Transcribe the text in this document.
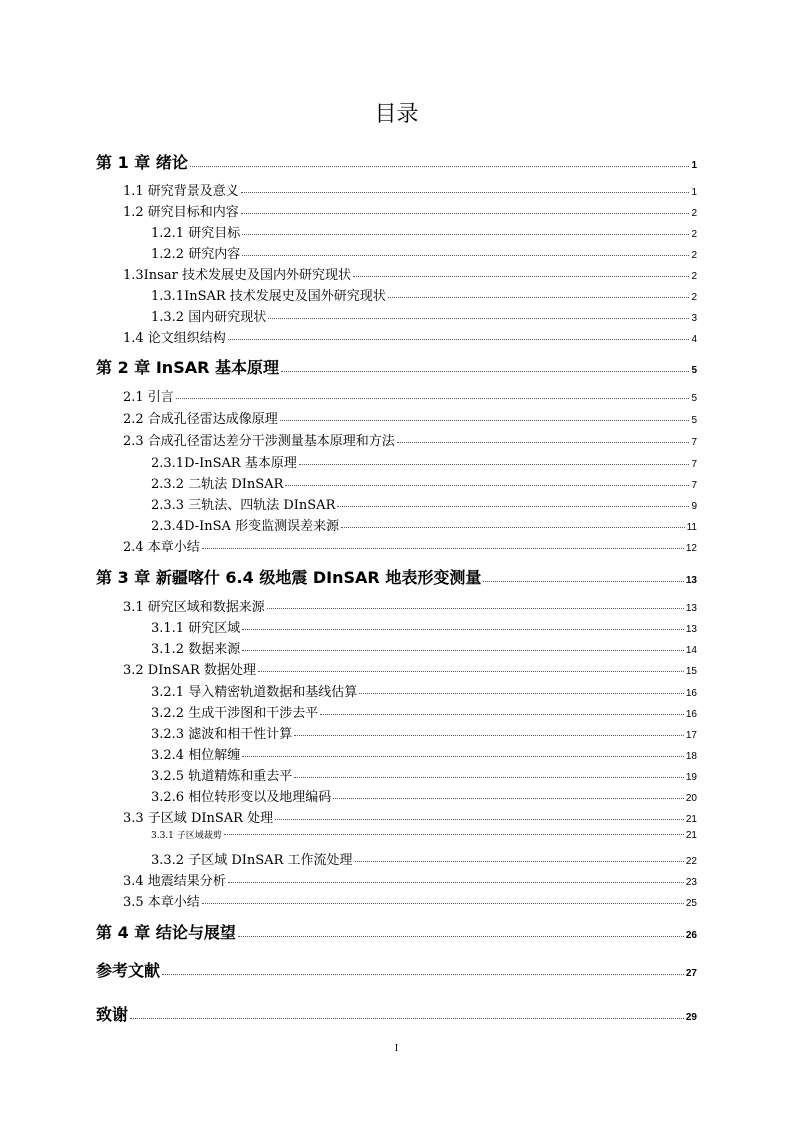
目录
第 1 章 绪论	1
1.1 研究背景及意义	1
1.2 研究目标和内容	2
1.2.1 研究目标	2
1.2.2 研究内容	2
1.3Insar 技术发展史及国内外研究现状	2
1.3.1InSAR 技术发展史及国外研究现状	2
1.3.2 国内研究现状	3
1.4 论文组织结构	4
第 2 章 InSAR 基本原理	5
2.1 引言	5
2.2 合成孔径雷达成像原理	5
2.3 合成孔径雷达差分干涉测量基本原理和方法	7
2.3.1D-InSAR 基本原理	7
2.3.2 二轨法 DInSAR	7
2.3.3 三轨法、四轨法 DInSAR	9
2.3.4D-InSA 形变监测误差来源	11
2.4 本章小结	12
第 3 章 新疆喀什 6.4 级地震 DInSAR 地表形变测量	13
3.1 研究区域和数据来源	13
3.1.1 研究区域	13
3.1.2 数据来源	14
3.2 DInSAR 数据处理	15
3.2.1 导入精密轨道数据和基线估算	16
3.2.2 生成干涉图和干涉去平	16
3.2.3 滤波和相干性计算	17
3.2.4 相位解缠	18
3.2.5 轨道精炼和重去平	19
3.2.6 相位转形变以及地理编码	20
3.3 子区域 DInSAR 处理	21
3.3.1 子区域裁剪	21
3.3.2 子区域 DInSAR 工作流处理	22
3.4 地震结果分析	23
3.5 本章小结	25
第 4 章 结论与展望	26
参考文献	27
致谢	29
I
